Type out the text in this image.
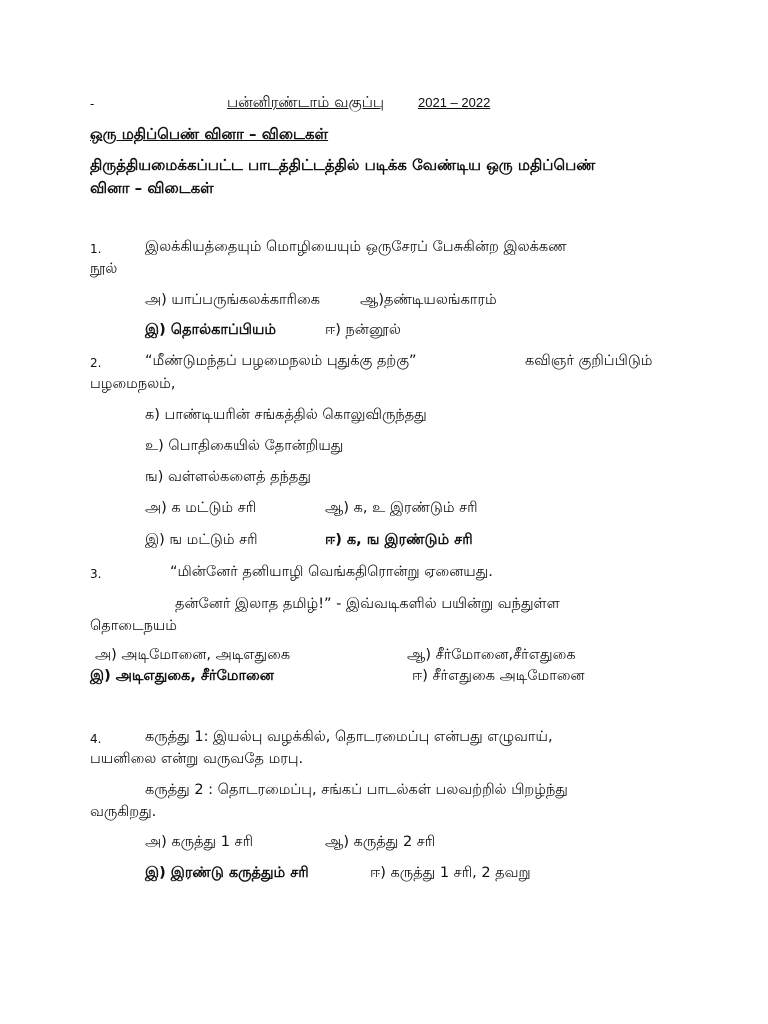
-	பன்னிரண்டாம் வகுப்பு	2021 – 2022
ஒரு மதிப்பெண் வினா – விடைகள்
திருத்தியமைக்கப்பட்ட பாடத்திட்டத்தில் படிக்க வேண்டிய ஒரு மதிப்பெண்
வினா – விடைகள்
1.	இலக்கியத்தையும் மொழியையும் ஒருசேரப் பேசுகின்ற இலக்கண
நூல்
அ) யாப்பருங்கலக்காரிகை	ஆ)தண்டியலங்காரம்
இ) தொல்காப்பியம்	ஈ) நன்னூல்
2.	“மீண்டுமந்தப் பழமைநலம் புதுக்கு தற்கு”	கவிஞர் குறிப்பிடும்
பழமைநலம்,
க) பாண்டியரின் சங்கத்தில் கொலுவிருந்தது
உ) பொதிகையில் தோன்றியது
ங) வள்ளல்களைத் தந்தது
அ) க மட்டும் சரி	ஆ) க, உ இரண்டும் சரி
இ) ங மட்டும் சரி	ஈ) க, ங இரண்டும் சரி
3.	“மின்னேர் தனியாழி வெங்கதிரொன்று ஏனையது.
தன்னேர் இலாத தமிழ்!” - இவ்வடிகளில் பயின்று வந்துள்ள
தொடைநயம்
அ) அடிமோனை, அடிஎதுகை	ஆ) சீர்மோனை,சீர்எதுகை
இ) அடிஎதுகை, சீர்மோனை	ஈ) சீர்எதுகை அடிமோனை
4.	கருத்து 1: இயல்பு வழக்கில், தொடரமைப்பு என்பது எழுவாய்,
பயனிலை என்று வருவதே மரபு.
கருத்து 2 : தொடரமைப்பு, சங்கப் பாடல்கள் பலவற்றில் பிறழ்ந்து
வருகிறது.
அ) கருத்து 1 சரி	ஆ) கருத்து 2 சரி
இ) இரண்டு கருத்தும் சரி	ஈ) கருத்து 1 சரி, 2 தவறு
